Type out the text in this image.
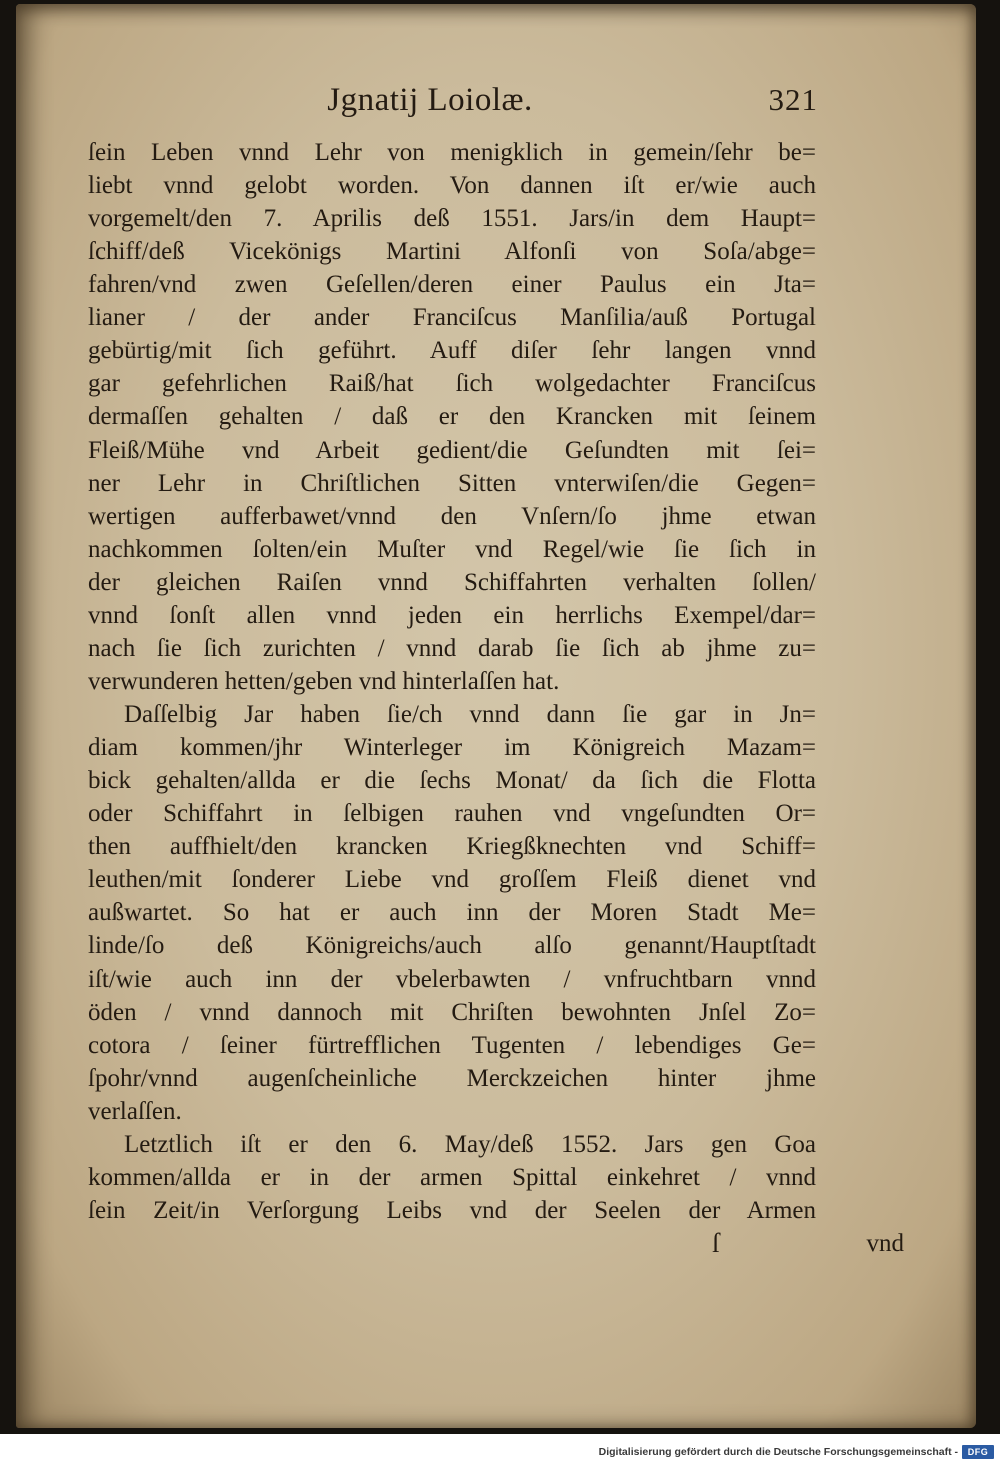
Jgnatij Loiolæ.	321
ſ	vnd
ſein Leben vnnd Lehr von menigklich in gemein/ſehr be=
liebt vnnd gelobt worden. Von dannen iſt er/wie auch
vorgemelt/den 7. Aprilis deß 1551. Jars/in dem Haupt=
ſchiff/deß Vicekönigs Martini Alfonſi von Soſa/abge=
fahren/vnd zwen Geſellen/deren einer Paulus ein Jta=
lianer / der ander Franciſcus Manſilia/auß Portugal
gebürtig/mit ſich geführt. Auff diſer ſehr langen vnnd
gar gefehrlichen Raiß/hat ſich wolgedachter Franciſcus
dermaſſen gehalten / daß er den Krancken mit ſeinem
Fleiß/Mühe vnd Arbeit gedient/die Geſundten mit ſei=
ner Lehr in Chriſtlichen Sitten vnterwiſen/die Gegen=
wertigen aufferbawet/vnnd den Vnſern/ſo jhme etwan
nachkommen ſolten/ein Muſter vnd Regel/wie ſie ſich in
der gleichen Raiſen vnnd Schiffahrten verhalten ſollen/
vnnd ſonſt allen vnnd jeden ein herrlichs Exempel/dar=
nach ſie ſich zurichten / vnnd darab ſie ſich ab jhme zu=
verwunderen hetten/geben vnd hinterlaſſen hat.
Daſſelbig Jar haben ſie/ch vnnd dann ſie gar in Jn=
diam kommen/jhr Winterleger im Königreich Mazam=
bick gehalten/allda er die ſechs Monat/ da ſich die Flotta
oder Schiffahrt in ſelbigen rauhen vnd vngeſundten Or=
then auffhielt/den krancken Kriegßknechten vnd Schiff=
leuthen/mit ſonderer Liebe vnd groſſem Fleiß dienet vnd
außwartet. So hat er auch inn der Moren Stadt Me=
linde/ſo deß Königreichs/auch alſo genannt/Hauptſtadt
iſt/wie auch inn der vbelerbawten / vnfruchtbarn vnnd
öden / vnnd dannoch mit Chriſten bewohnten Jnſel Zo=
cotora / ſeiner fürtrefflichen Tugenten / lebendiges Ge=
ſpohr/vnnd augenſcheinliche Merckzeichen hinter jhme
verlaſſen.
Letztlich iſt er den 6. May/deß 1552. Jars gen Goa
kommen/allda er in der armen Spittal einkehret / vnnd
ſein Zeit/in Verſorgung Leibs vnd der Seelen der Armen
Digitalisierung gefördert durch die Deutsche Forschungsgemeinschaft -	DFG
